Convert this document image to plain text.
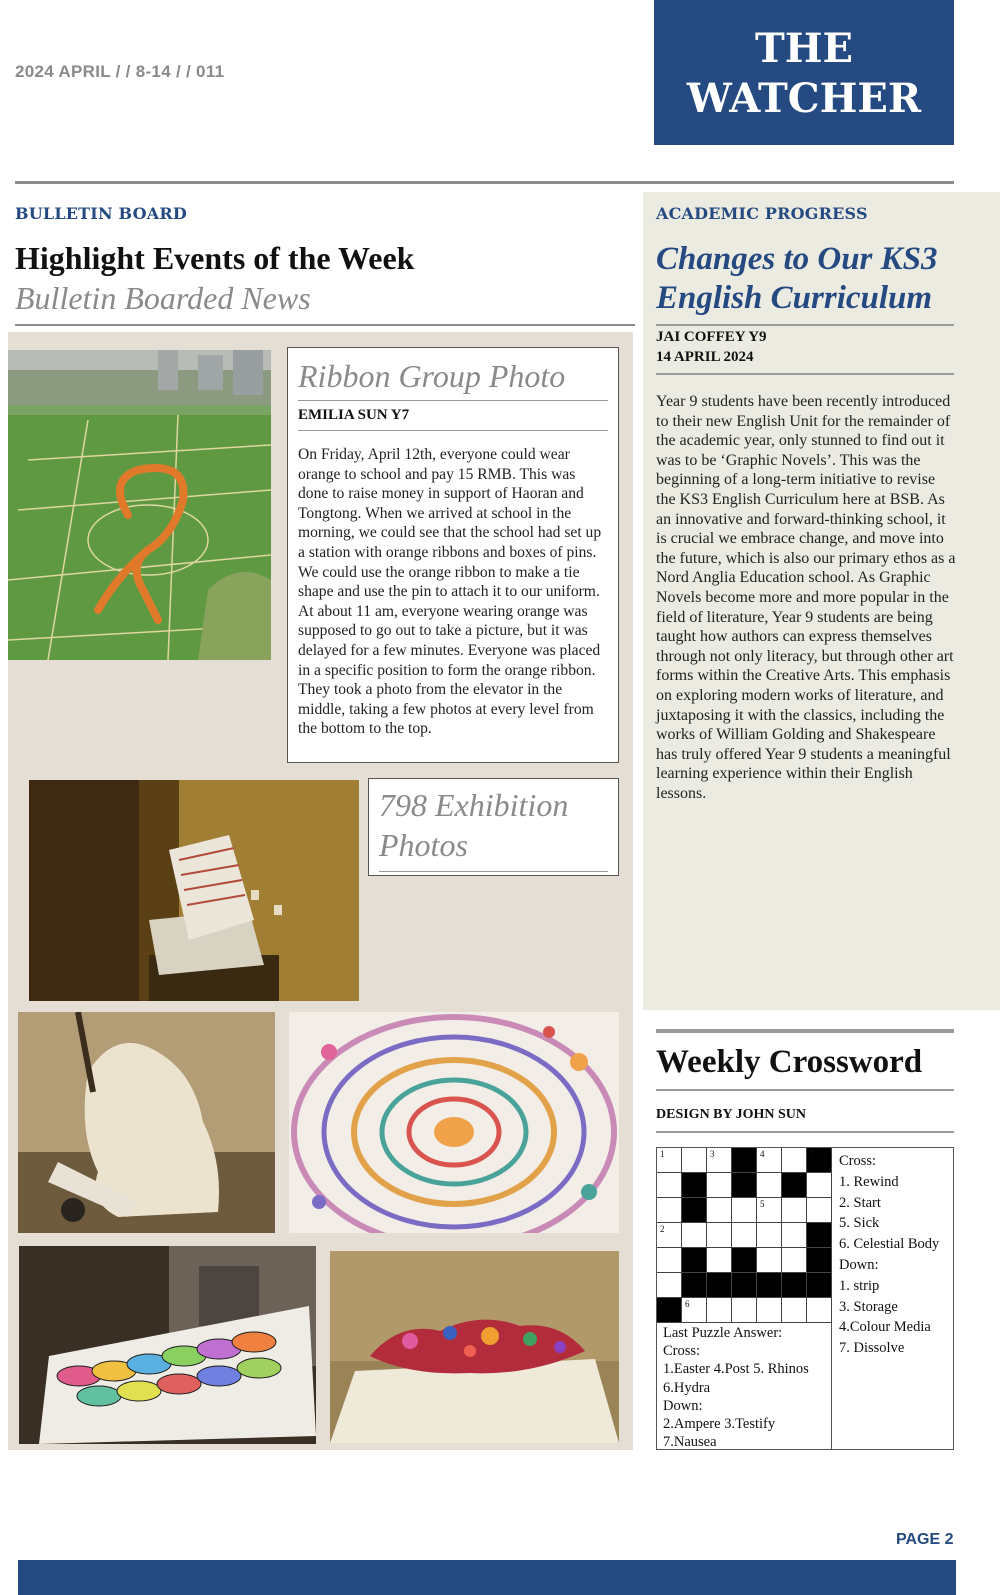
2024 APRIL / / 8-14 / / 011	THE
WATCHER
BULLETIN BOARD
Highlight Events of the Week
Bulletin Boarded News
Ribbon Group Photo
EMILIA SUN Y7
On Friday, April 12th, everyone could wear orange to school and pay 15 RMB. This was done to raise money in support of Haoran and Tongtong. When we arrived at school in the morning, we could see that the school had set up a station with orange ribbons and boxes of pins. We could use the orange ribbon to make a tie shape and use the pin to attach it to our uniform. At about 11 am, everyone wearing orange was supposed to go out to take a picture, but it was delayed for a few minutes. Everyone was placed in a specific position to form the orange ribbon. They took a photo from the elevator in the middle, taking a few photos at every level from the bottom to the top.
798 Exhibition Photos
ACADEMIC PROGRESS
Changes to Our KS3 English Curriculum
JAI COFFEY Y9
14 APRIL 2024
Year 9 students have been recently introduced to their new English Unit for the remainder of the academic year, only stunned to find out it was to be ‘Graphic Novels’. This was the beginning of a long-term initiative to revise the KS3 English Curriculum here at BSB. As an innovative and forward-thinking school, it is crucial we embrace change, and move into the future, which is also our primary ethos as a Nord Anglia Education school. As Graphic Novels become more and more popular in the field of literature, Year 9 students are being taught how authors can express themselves through not only literacy, but through other art forms within the Creative Arts. This emphasis on exploring modern works of literature, and juxtaposing it with the classics, including the works of William Golding and Shakespeare has truly offered Year 9 students a meaningful learning experience within their English lessons.
Weekly Crossword
DESIGN BY JOHN SUN
1	3	4	7
5
2
6
Cross:
1. Rewind
2. Start
5. Sick
6. Celestial Body
Down:
1. strip
3. Storage
4.Colour Media
7. Dissolve
Last Puzzle Answer:
Cross:
1.Easter 4.Post 5. Rhinos 6.Hydra
Down:
2.Ampere 3.Testify 7.Nausea
PAGE 2
